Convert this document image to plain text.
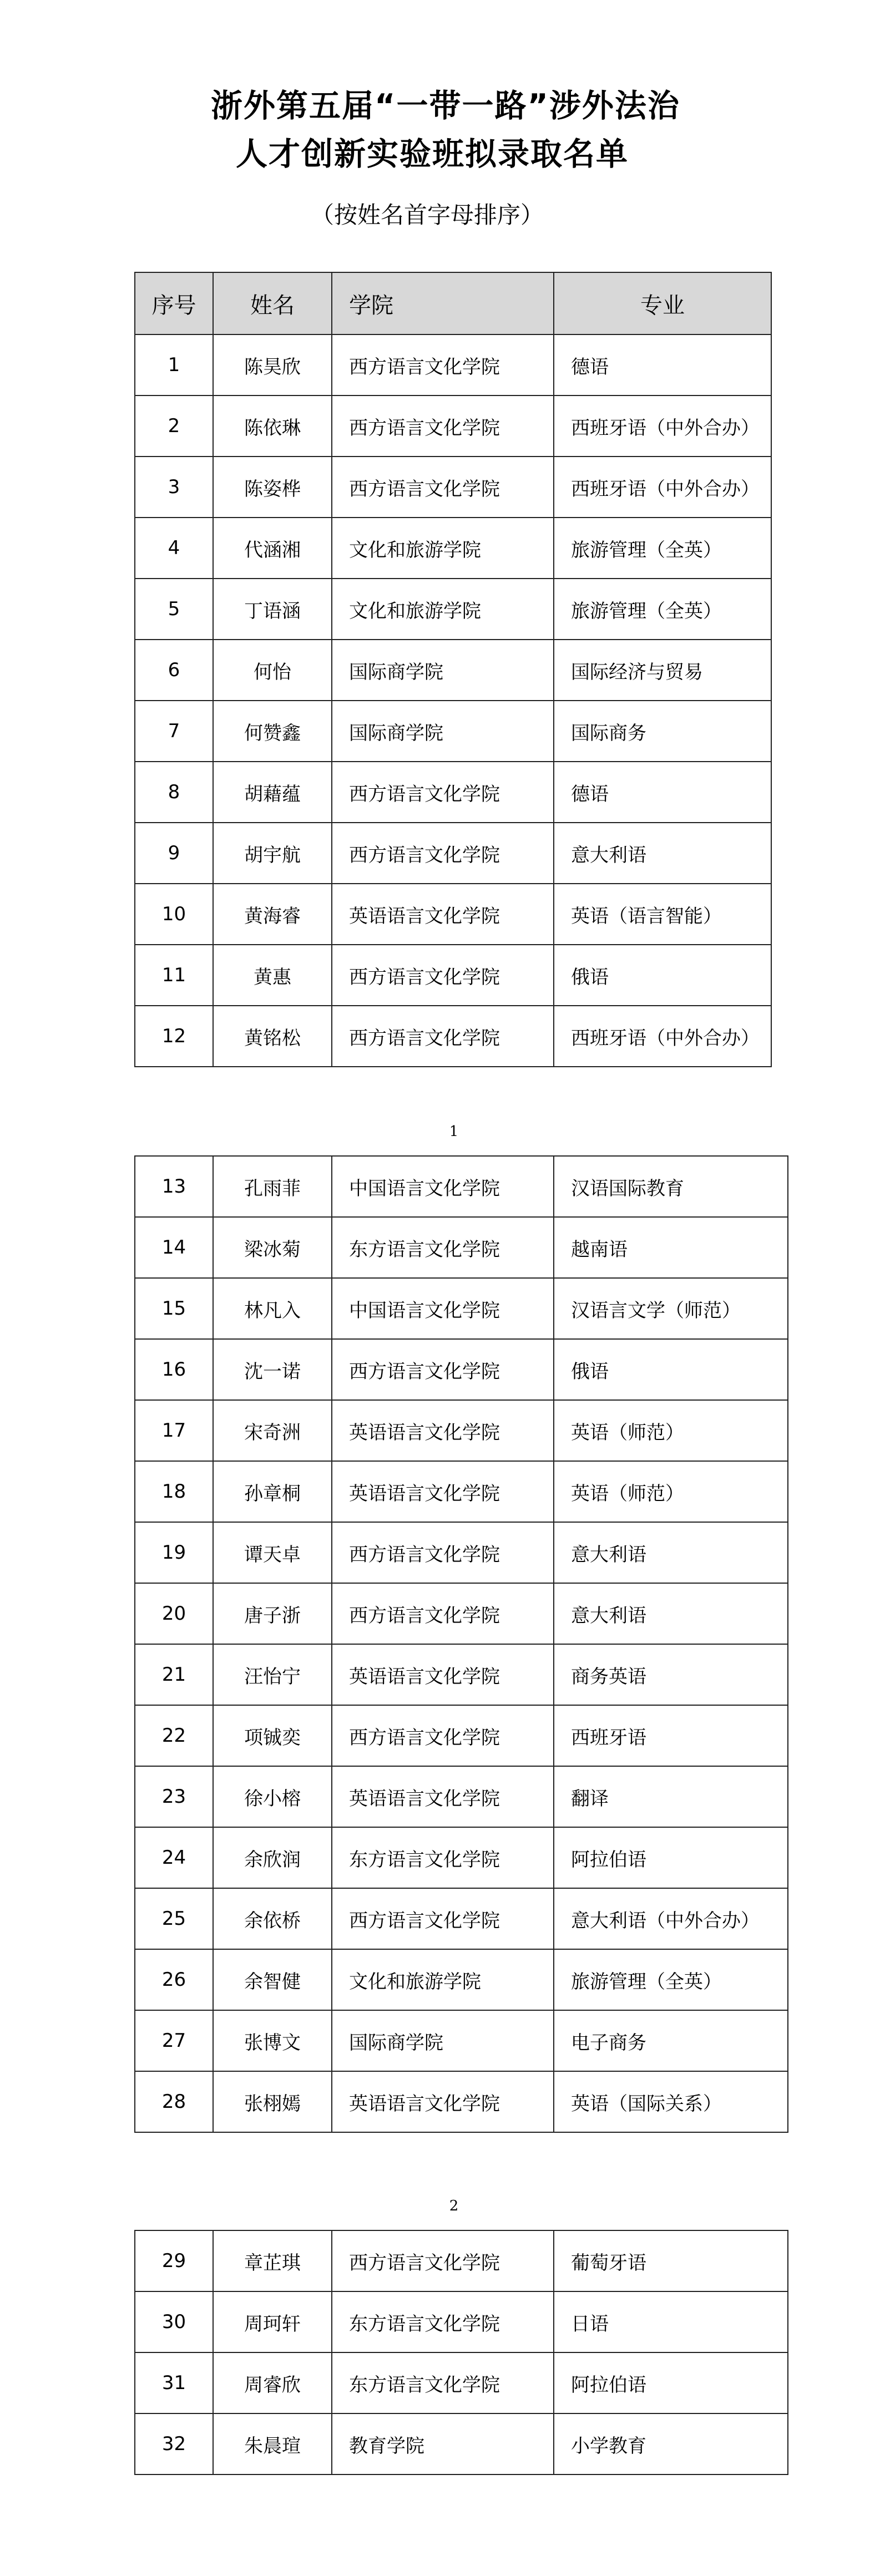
浙外第五届“一带一路”涉外法治
人才创新实验班拟录取名单
（按姓名首字母排序）
序号	姓名	学院	专业
1	陈昊欣	西方语言文化学院	德语
2	陈依琳	西方语言文化学院	西班牙语（中外合办）
3	陈姿桦	西方语言文化学院	西班牙语（中外合办）
4	代涵湘	文化和旅游学院	旅游管理（全英）
5	丁语涵	文化和旅游学院	旅游管理（全英）
6	何怡	国际商学院	国际经济与贸易
7	何赞鑫	国际商学院	国际商务
8	胡藉蕴	西方语言文化学院	德语
9	胡宇航	西方语言文化学院	意大利语
10	黄海睿	英语语言文化学院	英语（语言智能）
11	黄惠	西方语言文化学院	俄语
12	黄铭松	西方语言文化学院	西班牙语（中外合办）
1
13	孔雨菲	中国语言文化学院	汉语国际教育
14	梁冰菊	东方语言文化学院	越南语
15	林凡入	中国语言文化学院	汉语言文学（师范）
16	沈一诺	西方语言文化学院	俄语
17	宋奇洲	英语语言文化学院	英语（师范）
18	孙章桐	英语语言文化学院	英语（师范）
19	谭天卓	西方语言文化学院	意大利语
20	唐子浙	西方语言文化学院	意大利语
21	汪怡宁	英语语言文化学院	商务英语
22	项铖奕	西方语言文化学院	西班牙语
23	徐小榕	英语语言文化学院	翻译
24	余欣润	东方语言文化学院	阿拉伯语
25	余依桥	西方语言文化学院	意大利语（中外合办）
26	余智健	文化和旅游学院	旅游管理（全英）
27	张博文	国际商学院	电子商务
28	张栩嫣	英语语言文化学院	英语（国际关系）
2
29	章芷琪	西方语言文化学院	葡萄牙语
30	周珂轩	东方语言文化学院	日语
31	周睿欣	东方语言文化学院	阿拉伯语
32	朱晨瑄	教育学院	小学教育
